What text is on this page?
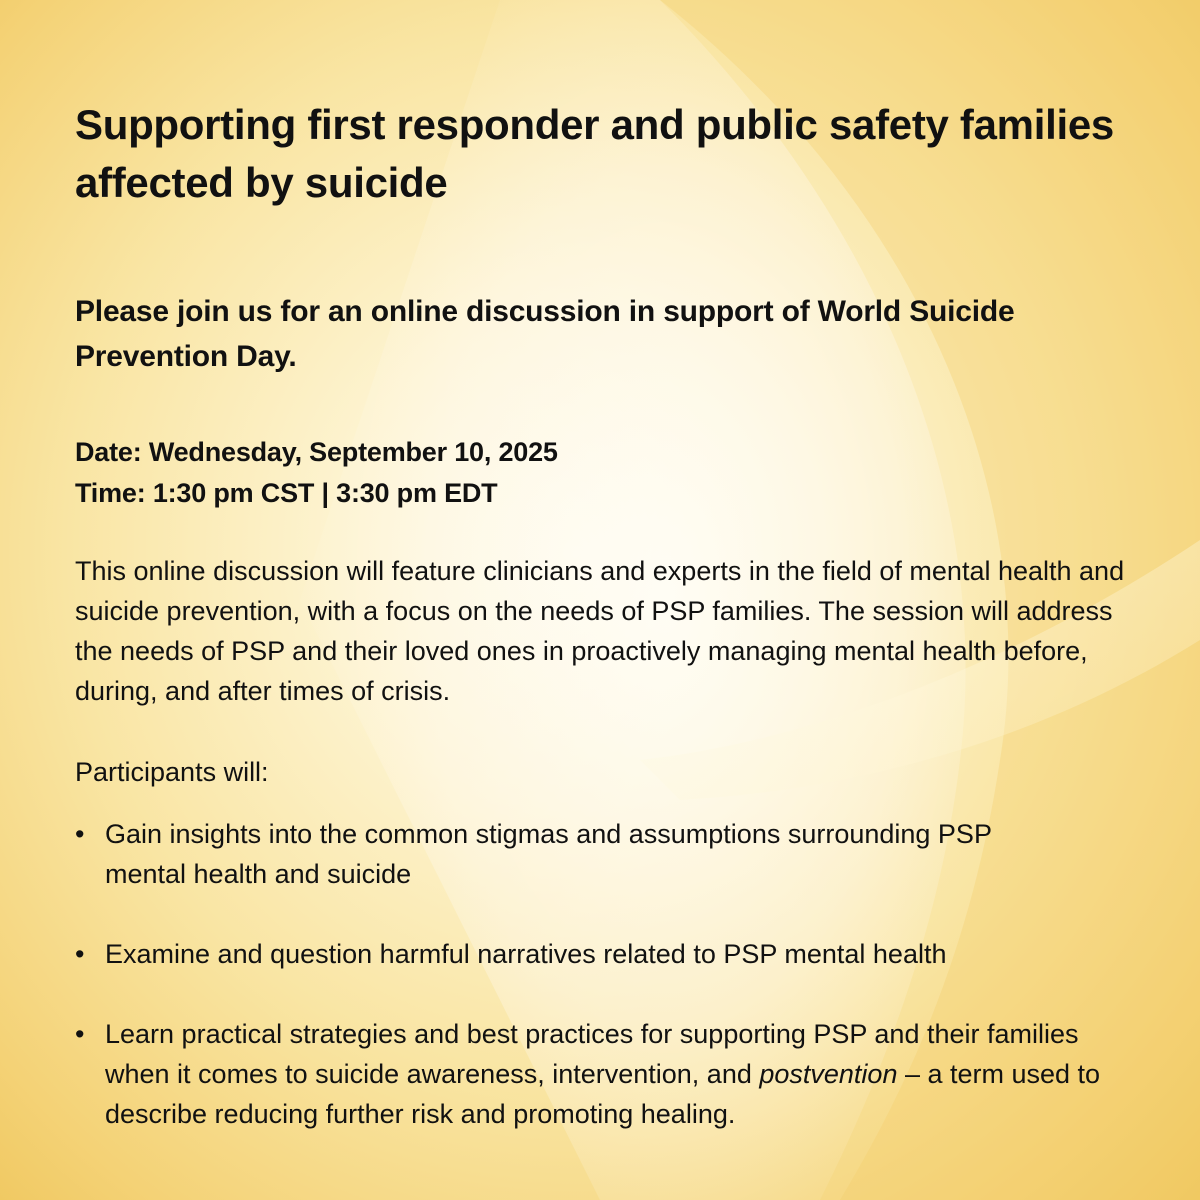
Supporting first responder and public safety families affected by suicide

Please join us for an online discussion in support of World Suicide Prevention Day.

Date: Wednesday, September 10, 2025
Time: 1:30 pm CST | 3:30 pm EDT

This online discussion will feature clinicians and experts in the field of mental health and suicide prevention, with a focus on the needs of PSP families. The session will address the needs of PSP and their loved ones in proactively managing mental health before, during, and after times of crisis.

Participants will:

• Gain insights into the common stigmas and assumptions surrounding PSP mental health and suicide
• Examine and question harmful narratives related to PSP mental health
• Learn practical strategies and best practices for supporting PSP and their families when it comes to suicide awareness, intervention, and postvention – a term used to describe reducing further risk and promoting healing.
